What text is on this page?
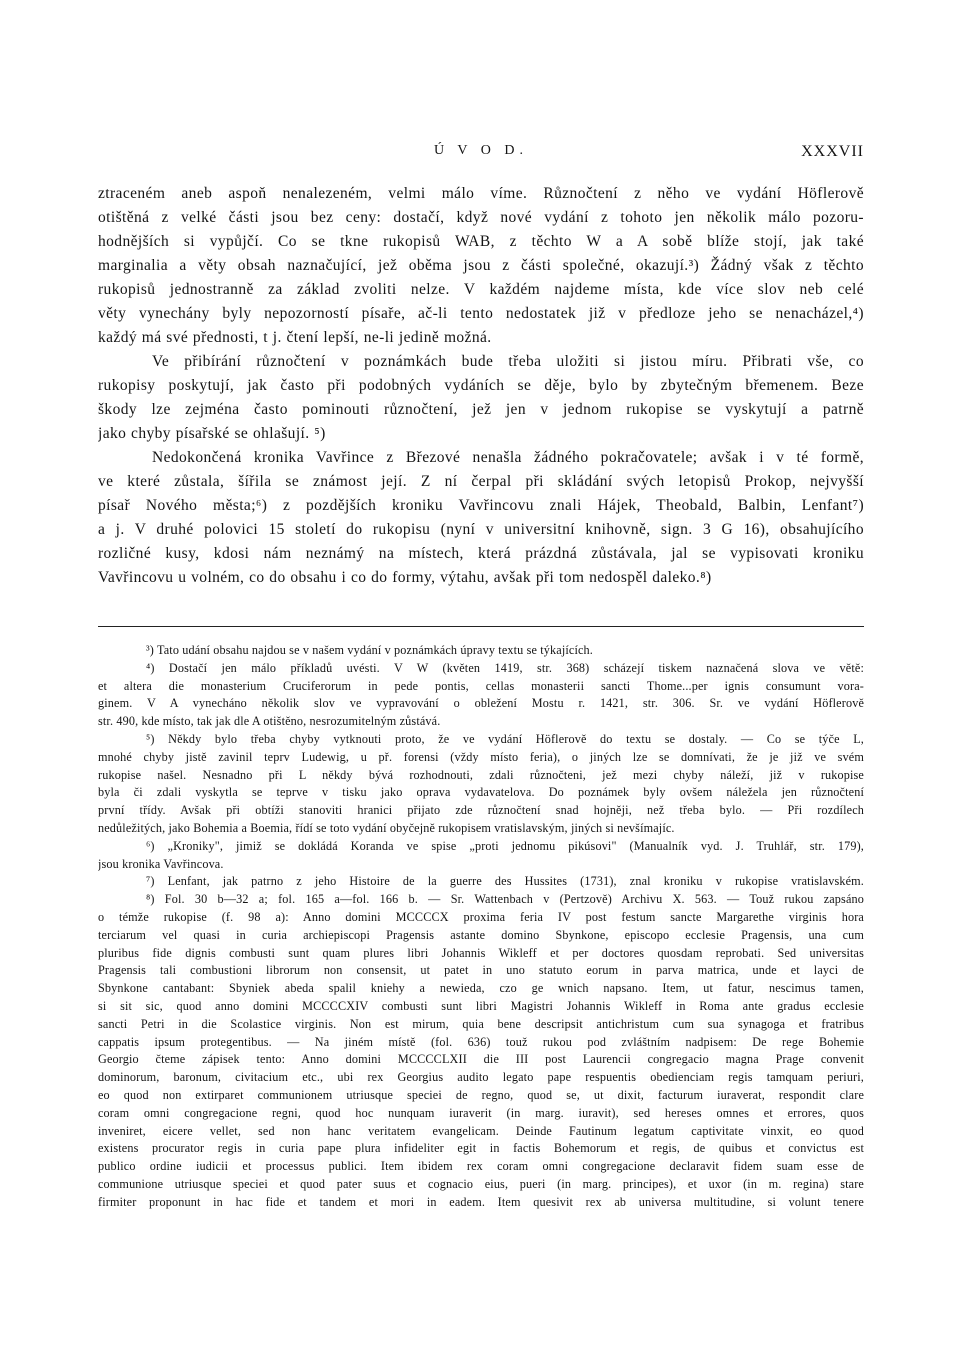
Ú V O D.	XXXVII
ztraceném aneb aspoň nenalezeném, velmi málo víme. Různočtení z něho ve vydání Höflerově
otištěná z velké části jsou bez ceny: dostačí, když nové vydání z tohoto jen několik málo pozoru-
hodnějších si vypůjčí. Co se tkne rukopisů WAB, z těchto W a A sobě blíže stojí, jak také
marginalia a věty obsah naznačující, jež oběma jsou z části společné, okazují.³) Žádný však z těchto
rukopisů jednostranně za základ zvoliti nelze. V každém najdeme místa, kde více slov neb celé
věty vynechány byly nepozorností písaře, ač-li tento nedostatek již v předloze jeho se nenacházel,⁴)
každý má své přednosti, t j. čtení lepší, ne-li jedině možná.
Ve přibírání různočtení v poznámkách bude třeba uložiti si jistou míru. Přibrati vše, co
rukopisy poskytují, jak často při podobných vydáních se děje, bylo by zbytečným břemenem. Beze
škody lze zejména často pominouti různočtení, jež jen v jednom rukopise se vyskytují a patrně
jako chyby písařské se ohlašují. ⁵)
Nedokončená kronika Vavřince z Březové nenašla žádného pokračovatele; avšak i v té formě,
ve které zůstala, šířila se známost její. Z ní čerpal při skládání svých letopisů Prokop, nejvyšší
písař Nového města;⁶) z pozdějších kroniku Vavřincovu znali Hájek, Theobald, Balbin, Lenfant⁷)
a j. V druhé polovici 15 století do rukopisu (nyní v universitní knihovně, sign. 3 G 16), obsahujícího
rozličné kusy, kdosi nám neznámý na místech, která prázdná zůstávala, jal se vypisovati kroniku
Vavřincovu u volném, co do obsahu i co do formy, výtahu, avšak při tom nedospěl daleko.⁸)
³) Tato udání obsahu najdou se v našem vydání v poznámkách úpravy textu se týkajících.
⁴) Dostačí jen málo příkladů uvésti. V W (květen 1419, str. 368) scházejí tiskem naznačená slova ve větě:
et altera die monasterium Cruciferorum in pede pontis, cellas monasterii sancti Thome...per ignis consumunt vora-
ginem. V A vynecháno několik slov ve vypravování o obležení Mostu r. 1421, str. 306. Sr. ve vydání Höflerově
str. 490, kde místo, tak jak dle A otištěno, nesrozumitelným zůstává.
⁵) Někdy bylo třeba chyby vytknouti proto, že ve vydání Höflerově do textu se dostaly. — Co se týče L,
mnohé chyby jistě zavinil teprv Ludewig, u př. forensi (vždy místo feria), o jiných lze se domnívati, že je již ve svém
rukopise našel. Nesnadno při L někdy bývá rozhodnouti, zdali různočteni, jež mezi chyby náleží, již v rukopise
byla či zdali vyskytla se teprve v tisku jako oprava vydavatelova. Do poznámek byly ovšem náležela jen různočtení
první třídy. Avšak při obtíži stanoviti hranici přijato zde různočtení snad hojněji, než třeba bylo. — Při rozdílech
nedůležitých, jako Bohemia a Boemia, řídí se toto vydání obyčejně rukopisem vratislavským, jiných si nevšímajíc.
⁶) „Kroniky", jimiž se dokládá Koranda ve spise „proti jednomu pikúsovi" (Manualník vyd. J. Truhlář, str. 179),
jsou kronika Vavřincova.
⁷) Lenfant, jak patrno z jeho Histoire de la guerre des Hussites (1731), znal kroniku v rukopise vratislavském.
⁸) Fol. 30 b—32 a; fol. 165 a—fol. 166 b. — Sr. Wattenbach v (Pertzově) Archivu X. 563. — Touž rukou zapsáno
o témže rukopise (f. 98 a): Anno domini MCCCCX proxima feria IV post festum sancte Margarethe virginis hora
terciarum vel quasi in curia archiepiscopi Pragensis astante domino Sbynkone, episcopo ecclesie Pragensis, una cum
pluribus fide dignis combusti sunt quam plures libri Johannis Wikleff et per doctores quosdam reprobati. Sed universitas
Pragensis tali combustioni librorum non consensit, ut patet in uno statuto eorum in parva matrica, unde et layci de
Sbynkone cantabant: Sbyniek abeda spalil kniehy a newieda, czo ge wnich napsano. Item, ut fatur, nescimus tamen,
si sit sic, quod anno domini MCCCCXIV combusti sunt libri Magistri Johannis Wikleff in Roma ante gradus ecclesie
sancti Petri in die Scolastice virginis. Non est mirum, quia bene descripsit antichristum cum sua synagoga et fratribus
cappatis ipsum protegentibus. — Na jiném místě (fol. 636) touž rukou pod zvláštním nadpisem: De rege Bohemie
Georgio čteme zápisek tento: Anno domini MCCCCLXII die III post Laurencii congregacio magna Prage convenit
dominorum, baronum, civitacium etc., ubi rex Georgius audito legato pape respuentis obedienciam regis tamquam periuri,
eo quod non extirparet communionem utriusque speciei de regno, quod se, ut dixit, facturum iuraverat, respondit clare
coram omni congregacione regni, quod hoc nunquam iuraverit (in marg. iuravit), sed hereses omnes et errores, quos
inveniret, eicere vellet, sed non hanc veritatem evangelicam. Deinde Fautinum legatum captivitate vinxit, eo quod
existens procurator regis in curia pape plura infideliter egit in factis Bohemorum et regis, de quibus et convictus est
publico ordine iudicii et processus publici. Item ibidem rex coram omni congregacione declaravit fidem suam esse de
communione utriusque speciei et quod pater suus et cognacio eius, pueri (in marg. principes), et uxor (in m. regina) stare
firmiter proponunt in hac fide et tandem et mori in eadem. Item quesivit rex ab universa multitudine, si volunt tenere
